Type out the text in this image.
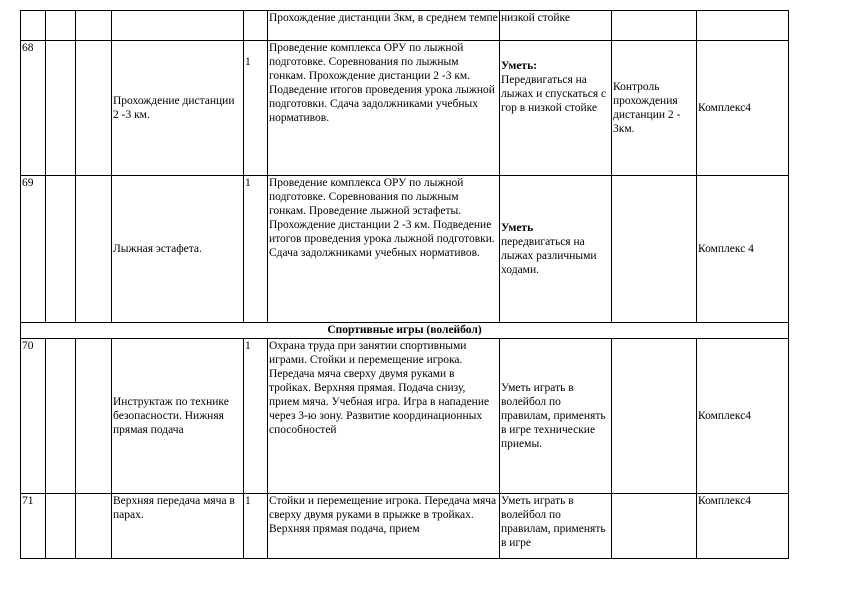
					Прохождение дистанции 3км, в среднем темпе	низкой стойке		
68			Прохождение дистанции 2 -3 км.	1	Проведение комплекса ОРУ по лыжной подготовке. Соревнования по лыжным гонкам. Прохождение дистанции 2 -3 км. Подведение итогов проведения урока лыжной подготовки. Сдача задолжниками учебных нормативов.	Уметь:
Передвигаться на лыжах и спускаться с гор в низкой стойке	Контроль прохождения дистанции 2 - 3км.	Комплекс4
69			Лыжная эстафета.	1	Проведение комплекса ОРУ по лыжной подготовке. Соревнования по лыжным гонкам. Проведение лыжной эстафеты. Прохождение дистанции 2 -3 км. Подведение итогов проведения урока лыжной подготовки. Сдача задолжниками учебных нормативов.	Уметь
передвигаться на лыжах различными ходами.		Комплекс 4
Спортивные игры (волейбол)								
70			Инструктаж по технике безопасности. Нижняя прямая подача	1	Охрана труда при занятии спортивными играми. Стойки и перемещение игрока. Передача мяча сверху двумя руками в тройках. Верхняя прямая. Подача снизу, прием мяча. Учебная игра. Игра в нападение через 3-ю зону. Развитие координационных способностей	Уметь играть в волейбол по правилам, применять в игре технические приемы.		Комплекс4
71			Верхняя передача мяча в парах.	1	Стойки и перемещение игрока. Передача мяча сверху двумя руками в прыжке в тройках. Верхняя прямая подача, прием	Уметь играть в волейбол по правилам, применять в игре		Комплекс4
